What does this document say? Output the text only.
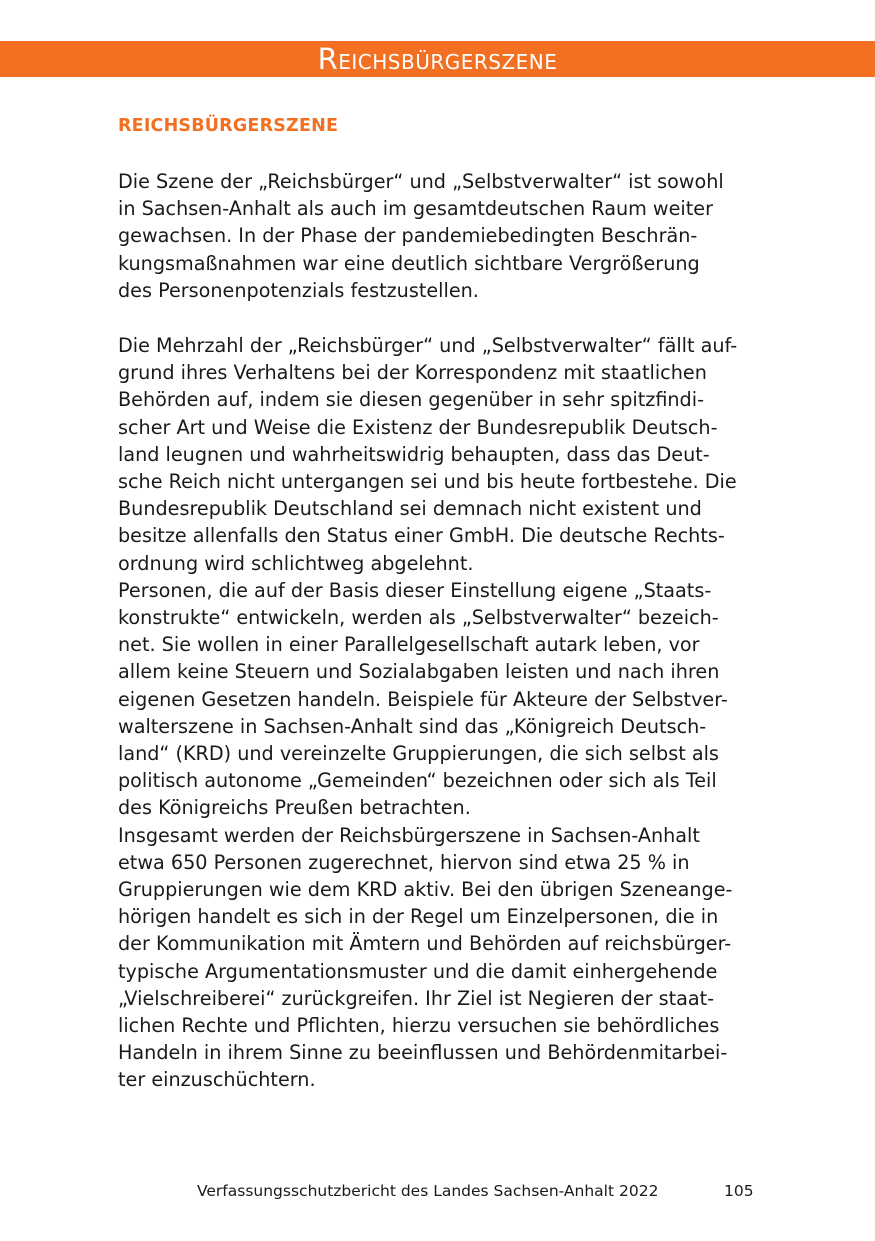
Reichsbürgerszene
REICHSBÜRGERSZENE
Die Szene der „Reichsbürger“ und „Selbstverwalter“ ist sowohl
in Sachsen-Anhalt als auch im gesamtdeutschen Raum weiter
gewachsen. In der Phase der pandemiebedingten Beschrän-
kungsmaßnahmen war eine deutlich sichtbare Vergrößerung
des Personenpotenzials festzustellen.
Die Mehrzahl der „Reichsbürger“ und „Selbstverwalter“ fällt auf-
grund ihres Verhaltens bei der Korrespondenz mit staatlichen
Behörden auf, indem sie diesen gegenüber in sehr spitzfindi-
scher Art und Weise die Existenz der Bundesrepublik Deutsch-
land leugnen und wahrheitswidrig behaupten, dass das Deut-
sche Reich nicht untergangen sei und bis heute fortbestehe. Die
Bundesrepublik Deutschland sei demnach nicht existent und
besitze allenfalls den Status einer GmbH. Die deutsche Rechts-
ordnung wird schlichtweg abgelehnt.
Personen, die auf der Basis dieser Einstellung eigene „Staats-
konstrukte“ entwickeln, werden als „Selbstverwalter“ bezeich-
net. Sie wollen in einer Parallelgesellschaft autark leben, vor
allem keine Steuern und Sozialabgaben leisten und nach ihren
eigenen Gesetzen handeln. Beispiele für Akteure der Selbstver-
walterszene in Sachsen-Anhalt sind das „Königreich Deutsch-
land“ (KRD) und vereinzelte Gruppierungen, die sich selbst als
politisch autonome „Gemeinden“ bezeichnen oder sich als Teil
des Königreichs Preußen betrachten.
Insgesamt werden der Reichsbürgerszene in Sachsen-Anhalt
etwa 650 Personen zugerechnet, hiervon sind etwa 25 % in
Gruppierungen wie dem KRD aktiv. Bei den übrigen Szeneange-
hörigen handelt es sich in der Regel um Einzelpersonen, die in
der Kommunikation mit Ämtern und Behörden auf reichsbürger-
typische Argumentationsmuster und die damit einhergehende
„Vielschreiberei“ zurückgreifen. Ihr Ziel ist Negieren der staat-
lichen Rechte und Pflichten, hierzu versuchen sie behördliches
Handeln in ihrem Sinne zu beeinflussen und Behördenmitarbei-
ter einzuschüchtern.
Verfassungsschutzbericht des Landes Sachsen-Anhalt 2022	105
